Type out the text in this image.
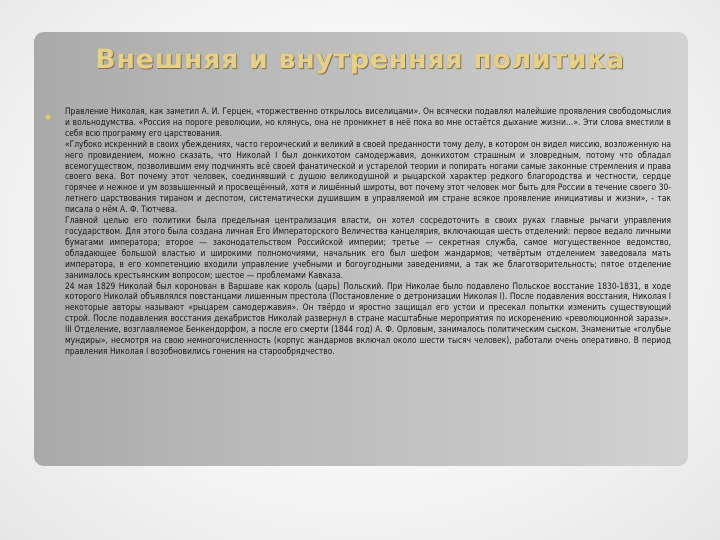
Внешняя и внутренняя политика

Правление Николая, как заметил А. И. Герцен, «торжественно открылось виселицами». Он всячески подавлял малейшие проявления свободомыслия и вольнодумства. «Россия на пороге революции, но клянусь, она не проникнет в неё пока во мне остаётся дыхание жизни…». Эти слова вместили в себя всю программу его царствования.

«Глубоко искренний в своих убеждениях, часто героический и великий в своей преданности тому делу, в котором он видел миссию, возложенную на него провидением, можно сказать, что Николай I был донкихотом самодержавия, донкихотом страшным и зловредным, потому что обладал всемогуществом, позволившим ему подчинять всё своей фанатической и устарелой теории и попирать ногами самые законные стремления и права своего века. Вот почему этот человек, соединявший с душою великодушной и рыцарской характер редкого благородства и честности, сердце горячее и нежное и ум возвышенный и просвещённый, хотя и лишённый широты, вот почему этот человек мог быть для России в течение своего 30-летнего царствования тираном и деспотом, систематически душившим в управляемой им стране всякое проявление инициативы и жизни», - так писала о нём А. Ф. Тютчева.

Главной целью его политики была предельная централизация власти, он хотел сосредоточить в своих руках главные рычаги управления государством. Для этого была создана личная Его Императорского Величества канцелярия, включающая шесть отделений: первое ведало личными бумагами императора; второе — законодательством Российской империи; третье — секретная служба, самое могущественное ведомство, обладающее большой властью и широкими полномочиями, начальник его был шефом жандармов; четвёртым отделением заведовала мать императора, в его компетенцию входили управление учебными и богоугодными заведениями, а так же благотворительность; пятое отделение занималось крестьянским вопросом; шестое — проблемами Кавказа.

24 мая 1829 Николай был коронован в Варшаве как король (царь) Польский. При Николае было подавлено Польское восстание 1830-1831, в ходе которого Николай объявлялся повстанцами лишенным престола (Постановление о детронизации Николая I). После подавления восстания, Николая I некоторые авторы называют «рыцарем самодержавия». Он твёрдо и яростно защищал его устои и пресекал попытки изменить существующий строй. После подавления восстания декабристов Николай развернул в стране масштабные мероприятия по искоренению «революционной заразы». III Отделение, возглавляемое Бенкендорфом, а после его смерти (1844 год) А. Ф. Орловым, занималось политическим сыском. Знаменитые «голубые мундиры», несмотря на свою немногочисленность (корпус жандармов включал около шести тысяч человек), работали очень оперативно. В период правления Николая I возобновились гонения на старообрядчество.
